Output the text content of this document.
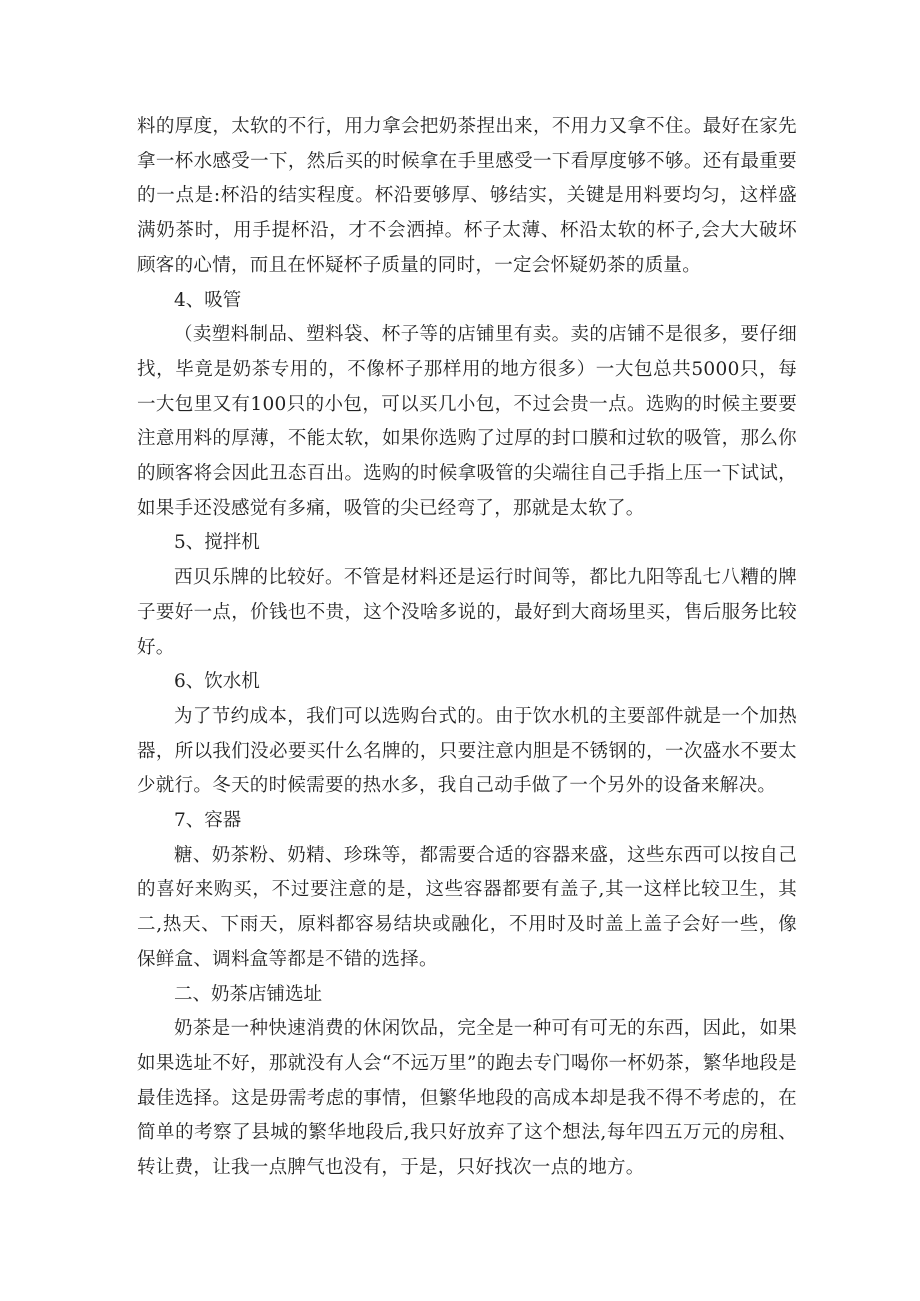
料的厚度，太软的不行，用力拿会把奶茶捏出来，不用力又拿不住。最好在家先拿一杯水感受一下，然后买的时候拿在手里感受一下看厚度够不够。还有最重要的一点是:杯沿的结实程度。杯沿要够厚、够结实，关键是用料要均匀，这样盛满奶茶时，用手提杯沿，才不会洒掉。杯子太薄、杯沿太软的杯子,会大大破坏顾客的心情，而且在怀疑杯子质量的同时，一定会怀疑奶茶的质量。

4、吸管

（卖塑料制品、塑料袋、杯子等的店铺里有卖。卖的店铺不是很多，要仔细找，毕竟是奶茶专用的，不像杯子那样用的地方很多）一大包总共5000只，每一大包里又有100只的小包，可以买几小包，不过会贵一点。选购的时候主要要注意用料的厚薄，不能太软，如果你选购了过厚的封口膜和过软的吸管，那么你的顾客将会因此丑态百出。选购的时候拿吸管的尖端往自己手指上压一下试试，如果手还没感觉有多痛，吸管的尖已经弯了，那就是太软了。

5、搅拌机

西贝乐牌的比较好。不管是材料还是运行时间等，都比九阳等乱七八糟的牌子要好一点，价钱也不贵，这个没啥多说的，最好到大商场里买，售后服务比较好。

6、饮水机

为了节约成本，我们可以选购台式的。由于饮水机的主要部件就是一个加热器，所以我们没必要买什么名牌的，只要注意内胆是不锈钢的，一次盛水不要太少就行。冬天的时候需要的热水多，我自己动手做了一个另外的设备来解决。

7、容器

糖、奶茶粉、奶精、珍珠等，都需要合适的容器来盛，这些东西可以按自己的喜好来购买，不过要注意的是，这些容器都要有盖子,其一这样比较卫生，其二,热天、下雨天，原料都容易结块或融化，不用时及时盖上盖子会好一些，像保鲜盒、调料盒等都是不错的选择。

二、奶茶店铺选址

奶茶是一种快速消费的休闲饮品，完全是一种可有可无的东西，因此，如果如果选址不好，那就没有人会“不远万里”的跑去专门喝你一杯奶茶，繁华地段是最佳选择。这是毋需考虑的事情，但繁华地段的高成本却是我不得不考虑的，在简单的考察了县城的繁华地段后,我只好放弃了这个想法,每年四五万元的房租、转让费，让我一点脾气也没有，于是，只好找次一点的地方。
